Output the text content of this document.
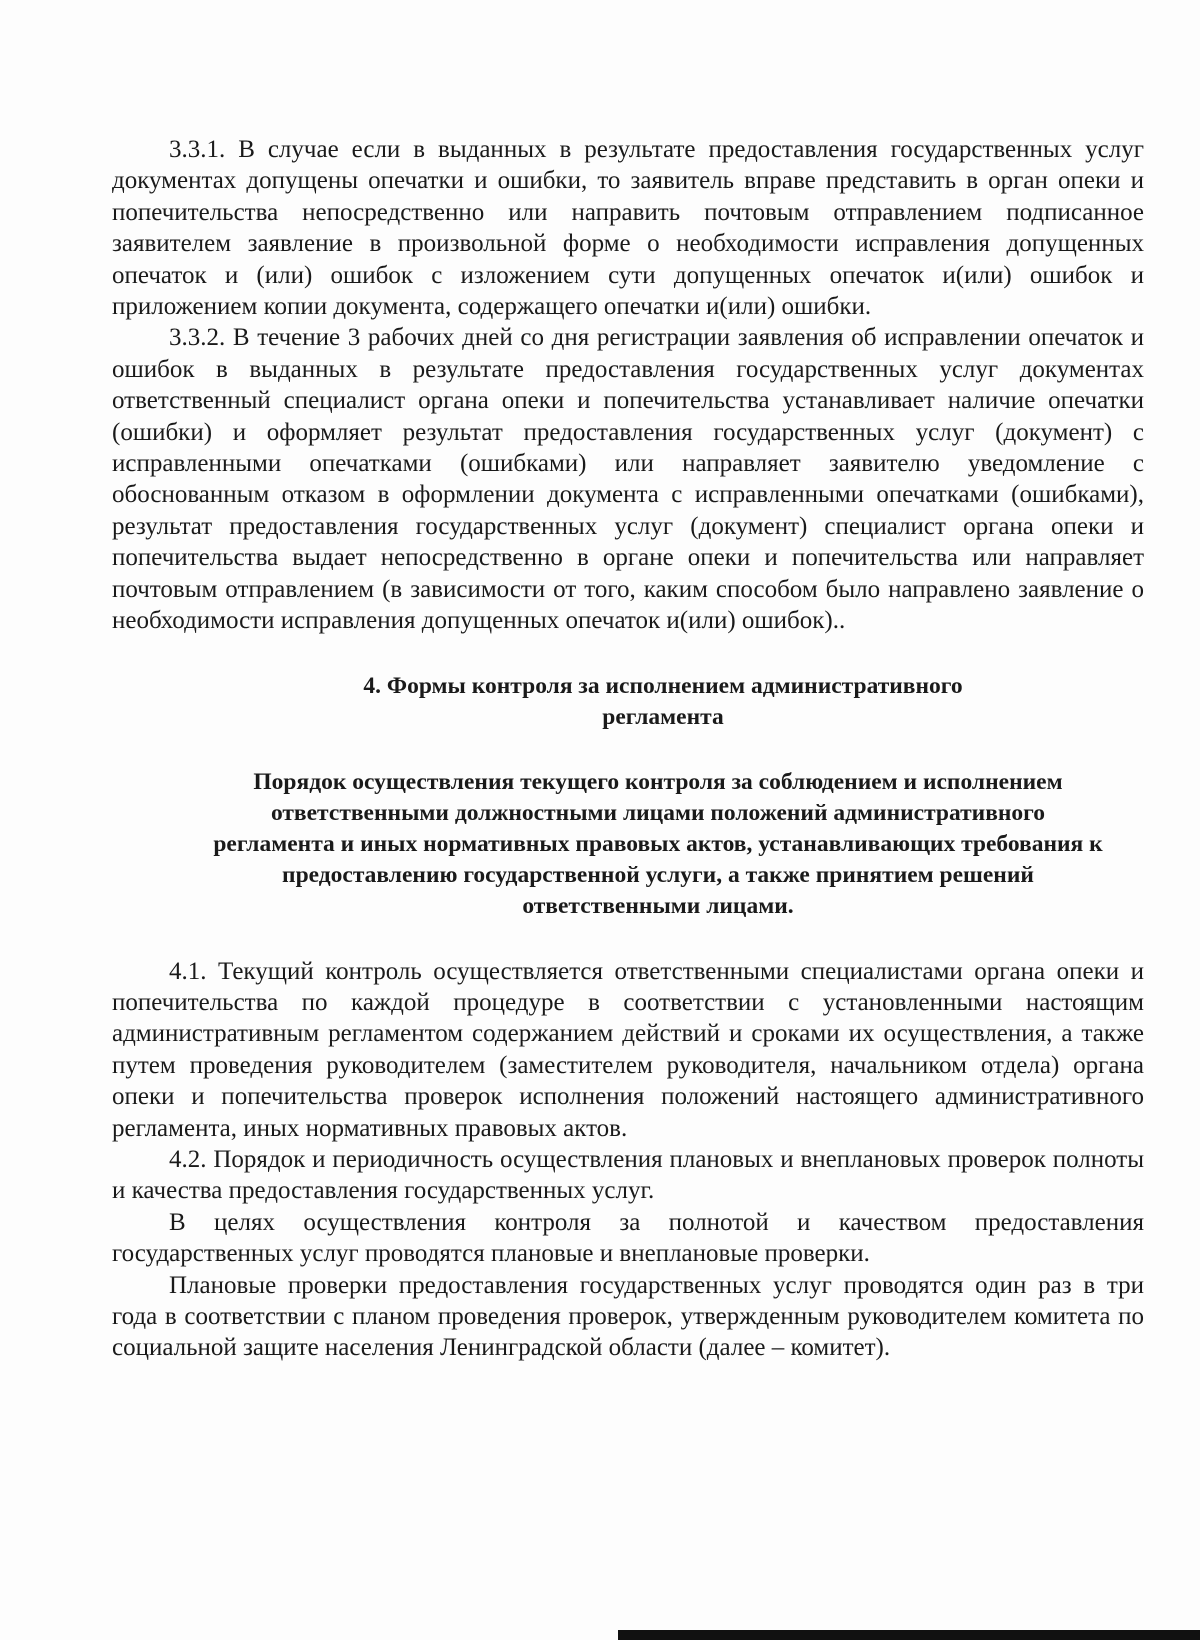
3.3.1. В случае если в выданных в результате предоставления государственных услуг документах допущены опечатки и ошибки, то заявитель вправе представить в орган опеки и попечительства непосредственно или направить почтовым отправлением подписанное заявителем заявление в произвольной форме о необходимости исправления допущенных опечаток и (или) ошибок с изложением сути допущенных опечаток и(или) ошибок и приложением копии документа, содержащего опечатки и(или) ошибки.

3.3.2. В течение 3 рабочих дней со дня регистрации заявления об исправлении опечаток и ошибок в выданных в результате предоставления государственных услуг документах ответственный специалист органа опеки и попечительства устанавливает наличие опечатки (ошибки) и оформляет результат предоставления государственных услуг (документ) с исправленными опечатками (ошибками) или направляет заявителю уведомление с обоснованным отказом в оформлении документа с исправленными опечатками (ошибками), результат предоставления государственных услуг (документ) специалист органа опеки и попечительства выдает непосредственно в органе опеки и попечительства или направляет почтовым отправлением (в зависимости от того, каким способом было направлено заявление о необходимости исправления допущенных опечаток и(или) ошибок)..

4. Формы контроля за исполнением административного регламента
Порядок осуществления текущего контроля за соблюдением и исполнением ответственными должностными лицами положений административного регламента и иных нормативных правовых актов, устанавливающих требования к предоставлению государственной услуги, а также принятием решений ответственными лицами.

4.1. Текущий контроль осуществляется ответственными специалистами органа опеки и попечительства по каждой процедуре в соответствии с установленными настоящим административным регламентом содержанием действий и сроками их осуществления, а также путем проведения руководителем (заместителем руководителя, начальником отдела) органа опеки и попечительства проверок исполнения положений настоящего административного регламента, иных нормативных правовых актов.

4.2. Порядок и периодичность осуществления плановых и внеплановых проверок полноты и качества предоставления государственных услуг.

В целях осуществления контроля за полнотой и качеством предоставления государственных услуг проводятся плановые и внеплановые проверки.

Плановые проверки предоставления государственных услуг проводятся один раз в три года в соответствии с планом проведения проверок, утвержденным руководителем комитета по социальной защите населения Ленинградской области (далее – комитет).
